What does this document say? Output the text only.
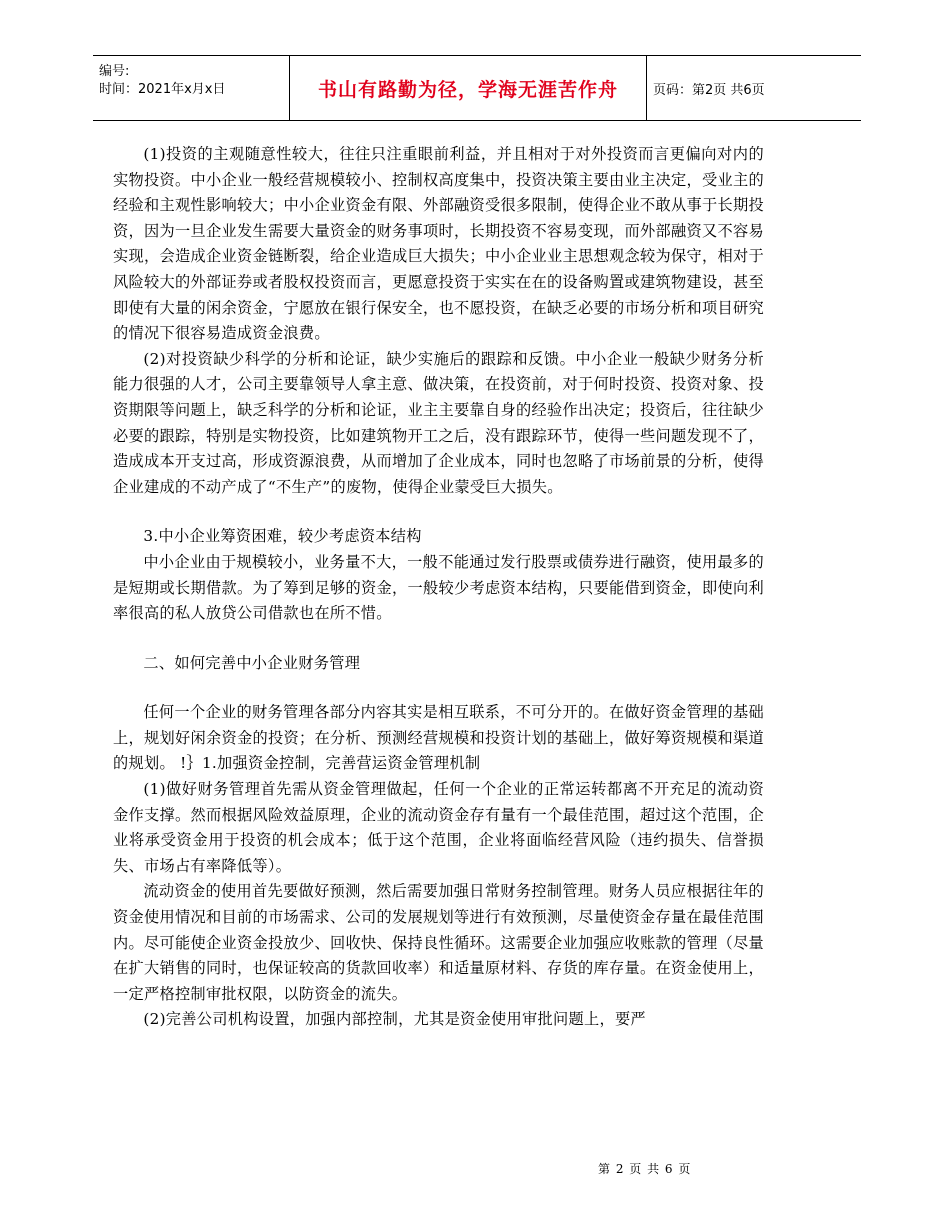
编号:
时间：2021年x月x日	书山有路勤为径，学海无涯苦作舟	页码：第2页 共6页

(1)投资的主观随意性较大，往往只注重眼前利益，并且相对于对外投资而言更偏向对内的实物投资。中小企业一般经营规模较小、控制权高度集中，投资决策主要由业主决定，受业主的经验和主观性影响较大；中小企业资金有限、外部融资受很多限制，使得企业不敢从事于长期投资，因为一旦企业发生需要大量资金的财务事项时，长期投资不容易变现，而外部融资又不容易实现，会造成企业资金链断裂，给企业造成巨大损失；中小企业业主思想观念较为保守，相对于风险较大的外部证券或者股权投资而言，更愿意投资于实实在在的设备购置或建筑物建设，甚至即使有大量的闲余资金，宁愿放在银行保安全，也不愿投资，在缺乏必要的市场分析和项目研究的情况下很容易造成资金浪费。

(2)对投资缺少科学的分析和论证，缺少实施后的跟踪和反馈。中小企业一般缺少财务分析能力很强的人才，公司主要靠领导人拿主意、做决策，在投资前，对于何时投资、投资对象、投资期限等问题上，缺乏科学的分析和论证，业主主要靠自身的经验作出决定；投资后，往往缺少必要的跟踪，特别是实物投资，比如建筑物开工之后，没有跟踪环节，使得一些问题发现不了，造成成本开支过高，形成资源浪费，从而增加了企业成本，同时也忽略了市场前景的分析，使得企业建成的不动产成了“不生产”的废物，使得企业蒙受巨大损失。

3.中小企业筹资困难，较少考虑资本结构

中小企业由于规模较小，业务量不大，一般不能通过发行股票或债券进行融资，使用最多的是短期或长期借款。为了筹到足够的资金，一般较少考虑资本结构，只要能借到资金，即使向利率很高的私人放贷公司借款也在所不惜。

二、如何完善中小企业财务管理

任何一个企业的财务管理各部分内容其实是相互联系，不可分开的。在做好资金管理的基础上，规划好闲余资金的投资；在分析、预测经营规模和投资计划的基础上，做好筹资规模和渠道的规划。 !｝1.加强资金控制，完善营运资金管理机制

(1)做好财务管理首先需从资金管理做起，任何一个企业的正常运转都离不开充足的流动资金作支撑。然而根据风险效益原理，企业的流动资金存有量有一个最佳范围，超过这个范围，企业将承受资金用于投资的机会成本；低于这个范围，企业将面临经营风险（违约损失、信誉损失、市场占有率降低等）。

流动资金的使用首先要做好预测，然后需要加强日常财务控制管理。财务人员应根据往年的资金使用情况和目前的市场需求、公司的发展规划等进行有效预测，尽量使资金存量在最佳范围内。尽可能使企业资金投放少、回收快、保持良性循环。这需要企业加强应收账款的管理（尽量在扩大销售的同时，也保证较高的货款回收率）和适量原材料、存货的库存量。在资金使用上，一定严格控制审批权限，以防资金的流失。

(2)完善公司机构设置，加强内部控制，尤其是资金使用审批问题上，要严

第 2 页 共 6 页
